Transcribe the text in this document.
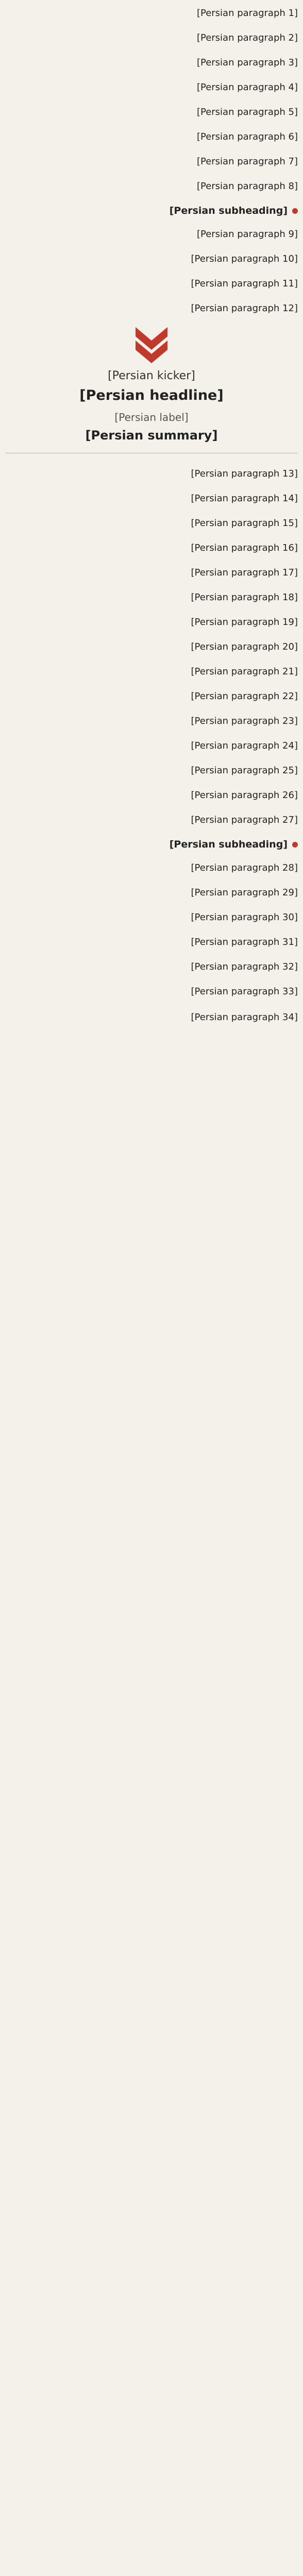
[Persian paragraph 1]

[Persian paragraph 2]

[Persian paragraph 3]

[Persian paragraph 4]

[Persian paragraph 5]

[Persian paragraph 6]

[Persian paragraph 7]

[Persian paragraph 8]

[Persian subheading]

[Persian paragraph 9]

[Persian paragraph 10]

[Persian paragraph 11]

[Persian paragraph 12]

[Persian kicker]
[Persian headline]
[Persian label]
[Persian summary]

[Persian paragraph 13]

[Persian paragraph 14]

[Persian paragraph 15]

[Persian paragraph 16]

[Persian paragraph 17]

[Persian paragraph 18]

[Persian paragraph 19]

[Persian paragraph 20]

[Persian paragraph 21]

[Persian paragraph 22]

[Persian paragraph 23]

[Persian paragraph 24]

[Persian paragraph 25]

[Persian paragraph 26]

[Persian paragraph 27]

[Persian subheading]

[Persian paragraph 28]

[Persian paragraph 29]

[Persian paragraph 30]

[Persian paragraph 31]

[Persian paragraph 32]

[Persian paragraph 33]

[Persian paragraph 34]
